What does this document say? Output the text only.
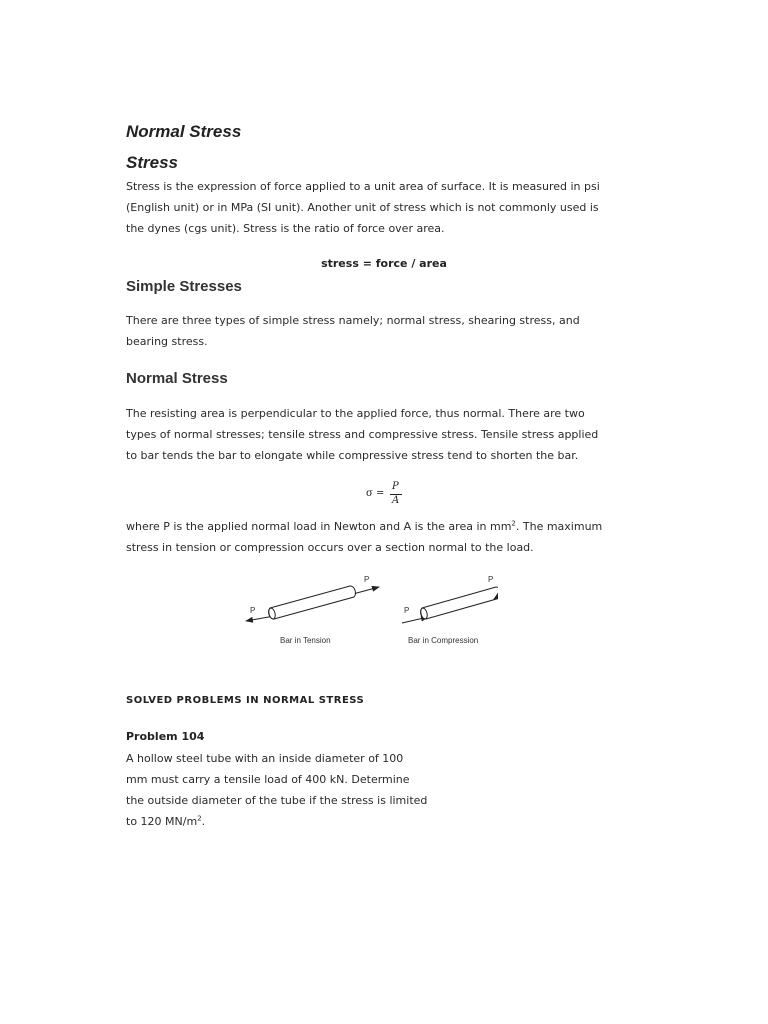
Normal Stress
Stress

Stress is the expression of force applied to a unit area of surface. It is measured in psi
(English unit) or in MPa (SI unit). Another unit of stress which is not commonly used is
the dynes (cgs unit). Stress is the ratio of force over area.

stress = force / area
Simple Stresses

There are three types of simple stress namely; normal stress, shearing stress, and
bearing stress.

Normal Stress

The resisting area is perpendicular to the applied force, thus normal. There are two
types of normal stresses; tensile stress and compressive stress. Tensile stress applied
to bar tends the bar to elongate while compressive stress tend to shorten the bar.

σ =
P
A

where P is the applied normal load in Newton and A is the area in $mm^2$. The maximum
stress in tension or compression occurs over a section normal to the load.

P
P
Bar in Tension
P
P
Bar in Compression
SOLVED PROBLEMS IN NORMAL STRESS
Problem 104

A hollow steel tube with an inside diameter of 100
mm must carry a tensile load of 400 kN. Determine
the outside diameter of the tube if the stress is limited
to 120 $MN/m^2$.
